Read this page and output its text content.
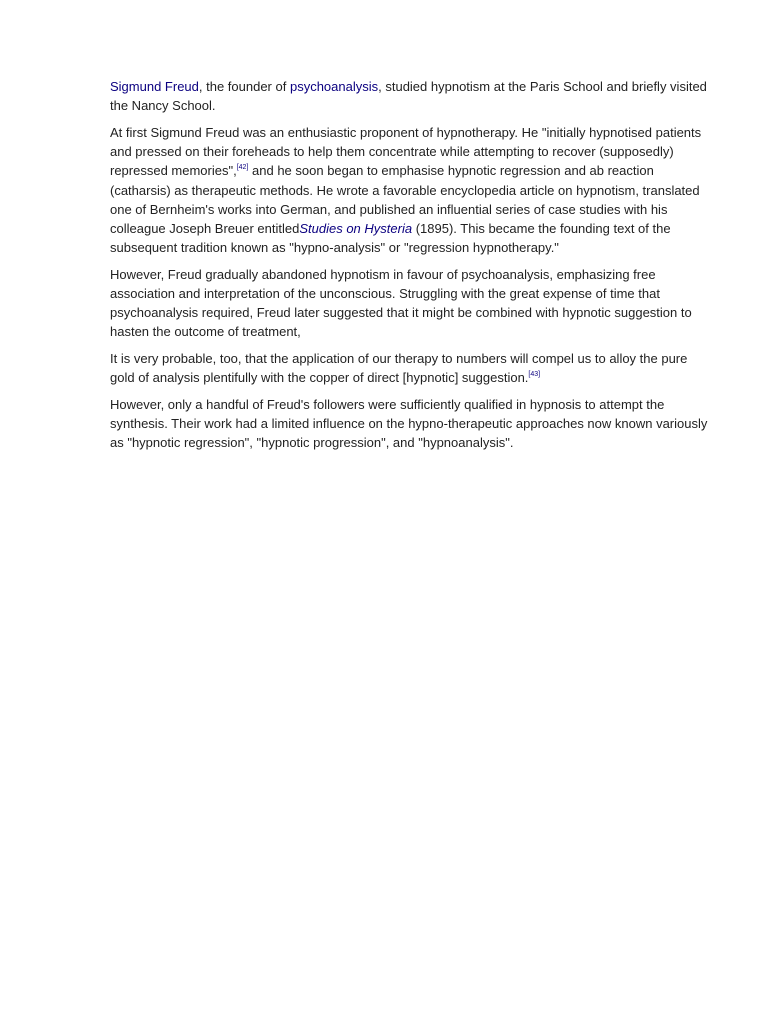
Sigmund Freud, the founder of psychoanalysis, studied hypnotism at the Paris School and briefly visited the Nancy School.

At first Sigmund Freud was an enthusiastic proponent of hypnotherapy. He "initially hypnotised patients and pressed on their foreheads to help them concentrate while attempting to recover (supposedly) repressed memories",[42] and he soon began to emphasise hypnotic regression and ab reaction (catharsis) as therapeutic methods. He wrote a favorable encyclopedia article on hypnotism, translated one of Bernheim's works into German, and published an influential series of case studies with his colleague Joseph Breuer entitledStudies on Hysteria (1895). This became the founding text of the subsequent tradition known as "hypno-analysis" or "regression hypnotherapy."

However, Freud gradually abandoned hypnotism in favour of psychoanalysis, emphasizing free association and interpretation of the unconscious. Struggling with the great expense of time that psychoanalysis required, Freud later suggested that it might be combined with hypnotic suggestion to hasten the outcome of treatment,

It is very probable, too, that the application of our therapy to numbers will compel us to alloy the pure gold of analysis plentifully with the copper of direct [hypnotic] suggestion.[43]

However, only a handful of Freud's followers were sufficiently qualified in hypnosis to attempt the synthesis. Their work had a limited influence on the hypno-therapeutic approaches now known variously as "hypnotic regression", "hypnotic progression", and "hypnoanalysis".
